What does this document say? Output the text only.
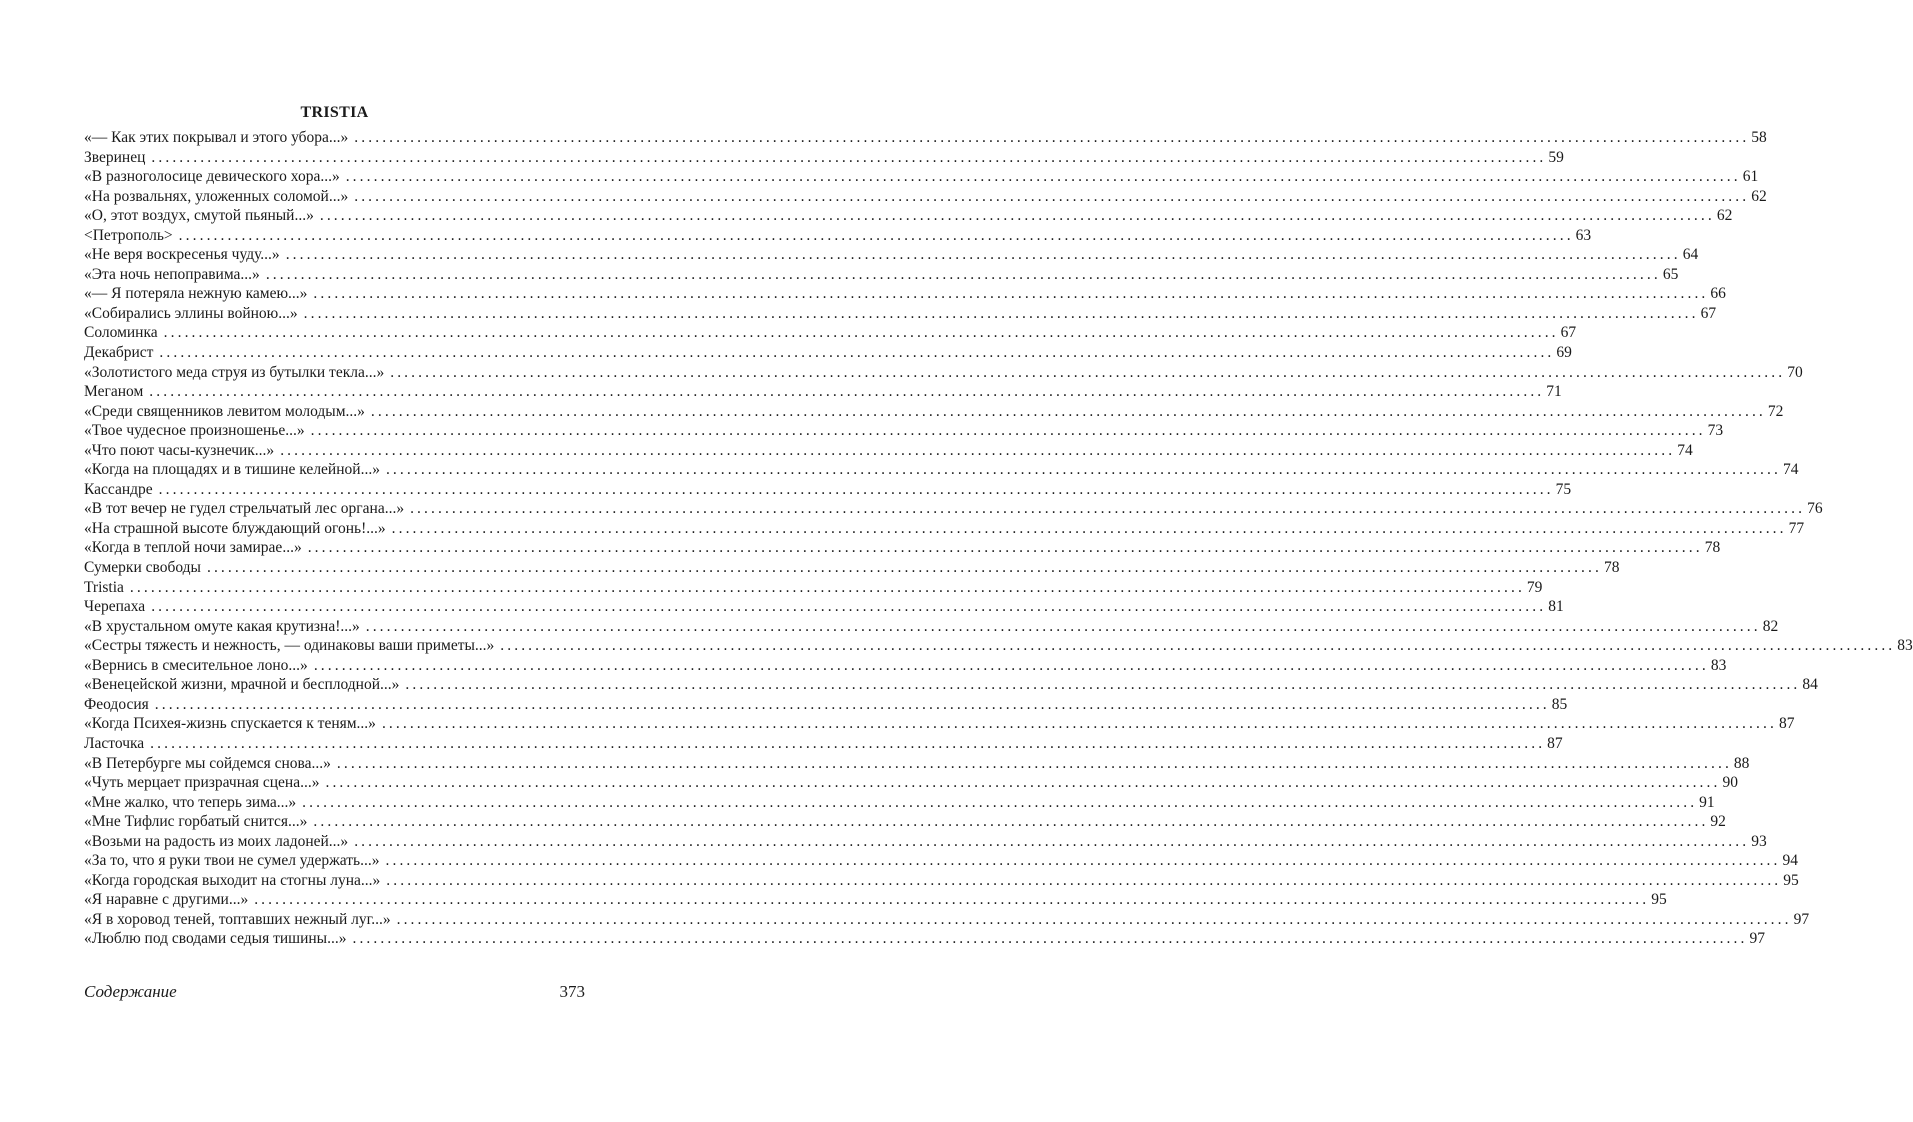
TRISTIA
«— Как этих покрывал и этого убора...» ........................................................................................................................................................................................................ 58
Зверинец ........................................................................................................................................................................................................ 59
«В разноголосице девического хора...» ........................................................................................................................................................................................................ 61
«На розвальнях, уложенных соломой...» ........................................................................................................................................................................................................ 62
«О, этот воздух, смутой пьяный...» ........................................................................................................................................................................................................ 62
<Петрополь> ........................................................................................................................................................................................................ 63
«Не веря воскресенья чуду...» ........................................................................................................................................................................................................ 64
«Эта ночь непоправима...» ........................................................................................................................................................................................................ 65
«— Я потеряла нежную камею...» ........................................................................................................................................................................................................ 66
«Собирались эллины войною...» ........................................................................................................................................................................................................ 67
Соломинка ........................................................................................................................................................................................................ 67
Декабрист ........................................................................................................................................................................................................ 69
«Золотистого меда струя из бутылки текла...» ........................................................................................................................................................................................................ 70
Меганом ........................................................................................................................................................................................................ 71
«Среди священников левитом молодым...» ........................................................................................................................................................................................................ 72
«Твое чудесное произношенье...» ........................................................................................................................................................................................................ 73
«Что поют часы-кузнечик...» ........................................................................................................................................................................................................ 74
«Когда на площадях и в тишине келейной...» ........................................................................................................................................................................................................ 74
Кассандре ........................................................................................................................................................................................................ 75
«В тот вечер не гудел стрельчатый лес органа...» ........................................................................................................................................................................................................ 76
«На страшной высоте блуждающий огонь!...» ........................................................................................................................................................................................................ 77
«Когда в теплой ночи замирае...» ........................................................................................................................................................................................................ 78
Сумерки свободы ........................................................................................................................................................................................................ 78
Tristia ........................................................................................................................................................................................................ 79
Черепаха ........................................................................................................................................................................................................ 81
«В хрустальном омуте какая крутизна!...» ........................................................................................................................................................................................................ 82
«Сестры тяжесть и нежность, — одинаковы ваши приметы...» ........................................................................................................................................................................................................ 83
«Вернись в смесительное лоно...» ........................................................................................................................................................................................................ 83
«Венецейской жизни, мрачной и бесплодной...» ........................................................................................................................................................................................................ 84
Феодосия ........................................................................................................................................................................................................ 85
«Когда Психея-жизнь спускается к теням...» ........................................................................................................................................................................................................ 87
Ласточка ........................................................................................................................................................................................................ 87
«В Петербурге мы сойдемся снова...» ........................................................................................................................................................................................................ 88
«Чуть мерцает призрачная сцена...» ........................................................................................................................................................................................................ 90
«Мне жалко, что теперь зима...» ........................................................................................................................................................................................................ 91
«Мне Тифлис горбатый снится...» ........................................................................................................................................................................................................ 92
«Возьми на радость из моих ладоней...» ........................................................................................................................................................................................................ 93
«За то, что я руки твои не сумел удержать...» ........................................................................................................................................................................................................ 94
«Когда городская выходит на стогны луна...» ........................................................................................................................................................................................................ 95
«Я наравне с другими...» ........................................................................................................................................................................................................ 95
«Я в хоровод теней, топтавших нежный луг...» ........................................................................................................................................................................................................ 97
«Люблю под сводами седыя тишины...» ........................................................................................................................................................................................................ 97
Содержание	373
